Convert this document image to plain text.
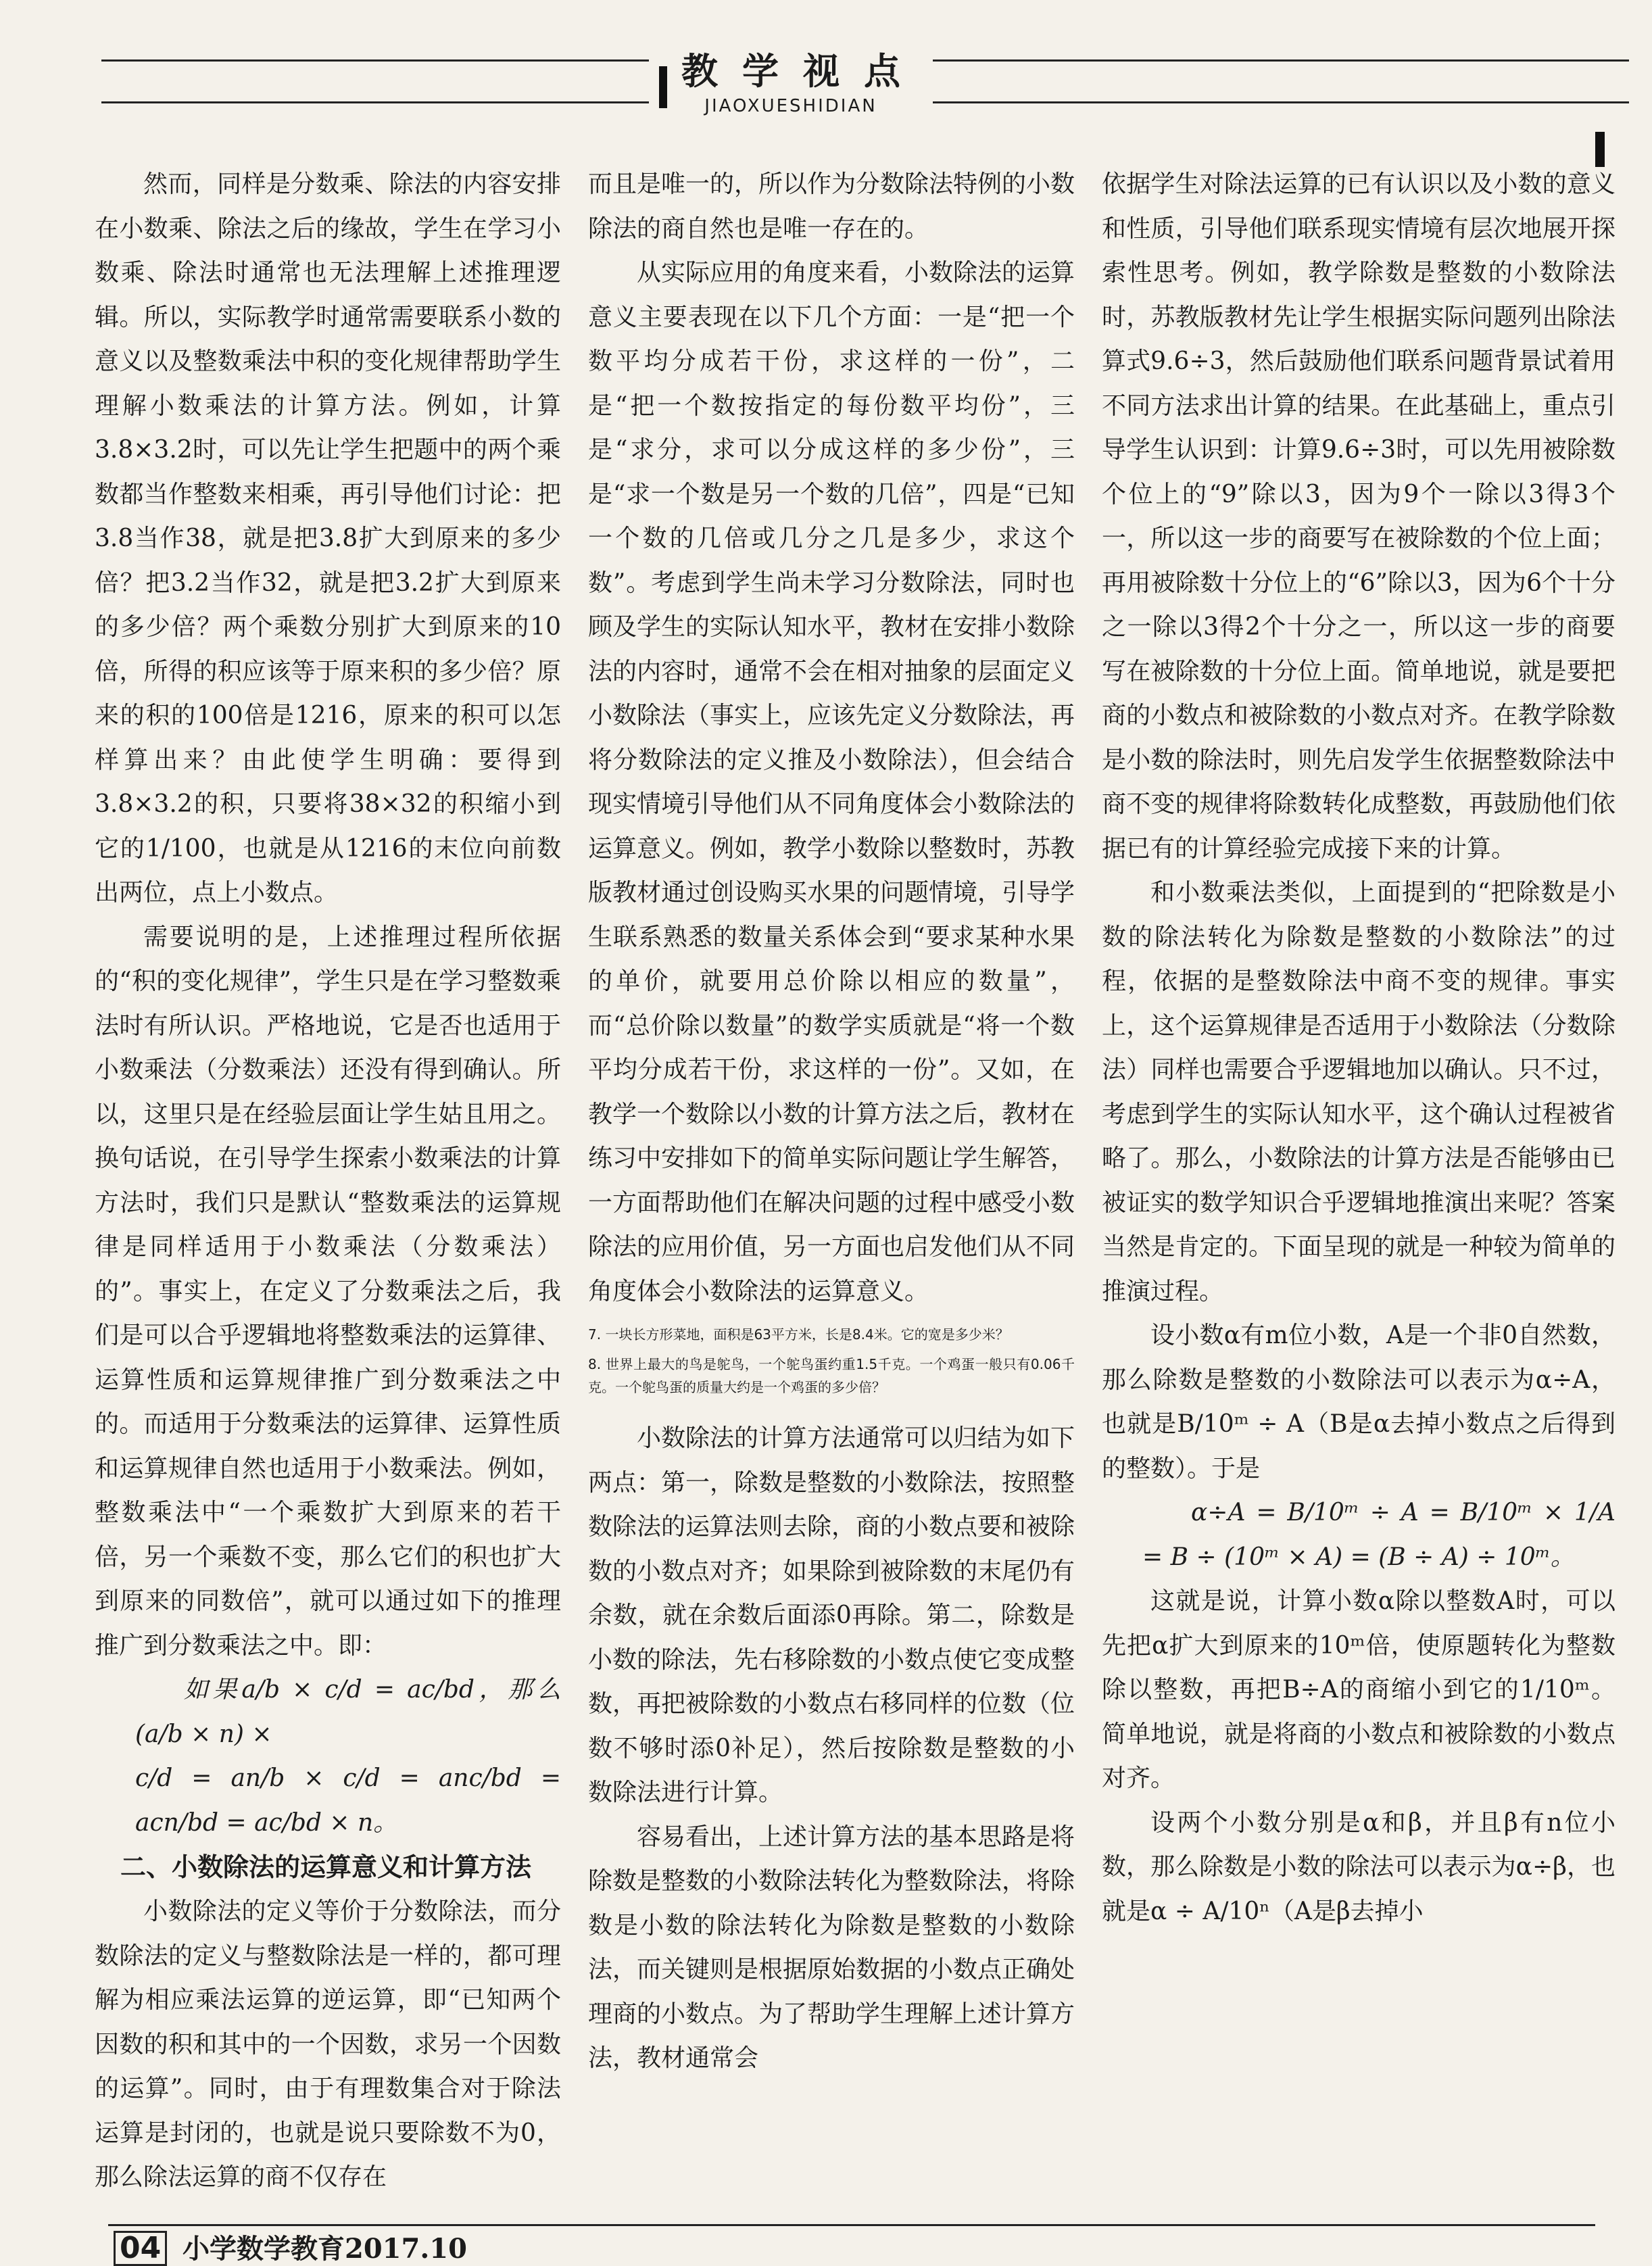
教学视点
JIAOXUESHIDIAN

然而，同样是分数乘、除法的内容安排在小数乘、除法之后的缘故，学生在学习小数乘、除法时通常也无法理解上述推理逻辑。所以，实际教学时通常需要联系小数的意义以及整数乘法中积的变化规律帮助学生理解小数乘法的计算方法。例如，计算3.8×3.2时，可以先让学生把题中的两个乘数都当作整数来相乘，再引导他们讨论：把3.8当作38，就是把3.8扩大到原来的多少倍？把3.2当作32，就是把3.2扩大到原来的多少倍？两个乘数分别扩大到原来的10倍，所得的积应该等于原来积的多少倍？原来的积的100倍是1216，原来的积可以怎样算出来？由此使学生明确：要得到3.8×3.2的积，只要将38×32的积缩小到它的1/100，也就是从1216的末位向前数出两位，点上小数点。

需要说明的是，上述推理过程所依据的“积的变化规律”，学生只是在学习整数乘法时有所认识。严格地说，它是否也适用于小数乘法（分数乘法）还没有得到确认。所以，这里只是在经验层面让学生姑且用之。换句话说，在引导学生探索小数乘法的计算方法时，我们只是默认“整数乘法的运算规律是同样适用于小数乘法（分数乘法）的”。事实上，在定义了分数乘法之后，我们是可以合乎逻辑地将整数乘法的运算律、运算性质和运算规律推广到分数乘法之中的。而适用于分数乘法的运算律、运算性质和运算规律自然也适用于小数乘法。例如，整数乘法中“一个乘数扩大到原来的若干倍，另一个乘数不变，那么它们的积也扩大到原来的同数倍”，就可以通过如下的推理推广到分数乘法之中。即：

如果a/b × c/d = ac/bd，那么(a/b × n) ×

c/d = an/b × c/d = anc/bd = acn/bd = ac/bd × n。

二、小数除法的运算意义和计算方法

小数除法的定义等价于分数除法，而分数除法的定义与整数除法是一样的，都可理解为相应乘法运算的逆运算，即“已知两个因数的积和其中的一个因数，求另一个因数的运算”。同时，由于有理数集合对于除法运算是封闭的，也就是说只要除数不为0，那么除法运算的商不仅存在

而且是唯一的，所以作为分数除法特例的小数除法的商自然也是唯一存在的。

从实际应用的角度来看，小数除法的运算意义主要表现在以下几个方面：一是“把一个数平均分成若干份，求这样的一份”，二是“把一个数按指定的每份数平均份”，三是“求分，求可以分成这样的多少份”，三是“求一个数是另一个数的几倍”，四是“已知一个数的几倍或几分之几是多少，求这个数”。考虑到学生尚未学习分数除法，同时也顾及学生的实际认知水平，教材在安排小数除法的内容时，通常不会在相对抽象的层面定义小数除法（事实上，应该先定义分数除法，再将分数除法的定义推及小数除法），但会结合现实情境引导他们从不同角度体会小数除法的运算意义。例如，教学小数除以整数时，苏教版教材通过创设购买水果的问题情境，引导学生联系熟悉的数量关系体会到“要求某种水果的单价，就要用总价除以相应的数量”，而“总价除以数量”的数学实质就是“将一个数平均分成若干份，求这样的一份”。又如，在教学一个数除以小数的计算方法之后，教材在练习中安排如下的简单实际问题让学生解答，一方面帮助他们在解决问题的过程中感受小数除法的应用价值，另一方面也启发他们从不同角度体会小数除法的运算意义。

7. 一块长方形菜地，面积是63平方米，长是8.4米。它的宽是多少米？
8. 世界上最大的鸟是鸵鸟，一个鸵鸟蛋约重1.5千克。一个鸡蛋一般只有0.06千克。一个鸵鸟蛋的质量大约是一个鸡蛋的多少倍？

小数除法的计算方法通常可以归结为如下两点：第一，除数是整数的小数除法，按照整数除法的运算法则去除，商的小数点要和被除数的小数点对齐；如果除到被除数的末尾仍有余数，就在余数后面添0再除。第二，除数是小数的除法，先右移除数的小数点使它变成整数，再把被除数的小数点右移同样的位数（位数不够时添0补足），然后按除数是整数的小数除法进行计算。

容易看出，上述计算方法的基本思路是将除数是整数的小数除法转化为整数除法，将除数是小数的除法转化为除数是整数的小数除法，而关键则是根据原始数据的小数点正确处理商的小数点。为了帮助学生理解上述计算方法，教材通常会

依据学生对除法运算的已有认识以及小数的意义和性质，引导他们联系现实情境有层次地展开探索性思考。例如，教学除数是整数的小数除法时，苏教版教材先让学生根据实际问题列出除法算式9.6÷3，然后鼓励他们联系问题背景试着用不同方法求出计算的结果。在此基础上，重点引导学生认识到：计算9.6÷3时，可以先用被除数个位上的“9”除以3，因为9个一除以3得3个一，所以这一步的商要写在被除数的个位上面；再用被除数十分位上的“6”除以3，因为6个十分之一除以3得2个十分之一，所以这一步的商要写在被除数的十分位上面。简单地说，就是要把商的小数点和被除数的小数点对齐。在教学除数是小数的除法时，则先启发学生依据整数除法中商不变的规律将除数转化成整数，再鼓励他们依据已有的计算经验完成接下来的计算。

和小数乘法类似，上面提到的“把除数是小数的除法转化为除数是整数的小数除法”的过程，依据的是整数除法中商不变的规律。事实上，这个运算规律是否适用于小数除法（分数除法）同样也需要合乎逻辑地加以确认。只不过，考虑到学生的实际认知水平，这个确认过程被省略了。那么，小数除法的计算方法是否能够由已被证实的数学知识合乎逻辑地推演出来呢？答案当然是肯定的。下面呈现的就是一种较为简单的推演过程。

设小数α有m位小数，A是一个非0自然数，那么除数是整数的小数除法可以表示为α÷A，也就是B/10ᵐ ÷ A（B是α去掉小数点之后得到的整数）。于是

α÷A = B/10ᵐ ÷ A = B/10ᵐ × 1/A = B ÷ (10ᵐ × A) = (B ÷ A) ÷ 10ᵐ。

这就是说，计算小数α除以整数A时，可以先把α扩大到原来的10ᵐ倍，使原题转化为整数除以整数，再把B÷A的商缩小到它的1/10ᵐ。简单地说，就是将商的小数点和被除数的小数点对齐。

设两个小数分别是α和β，并且β有n位小数，那么除数是小数的除法可以表示为α÷β，也就是α ÷ A/10ⁿ（A是β去掉小

04 小学数学教育2017.10
